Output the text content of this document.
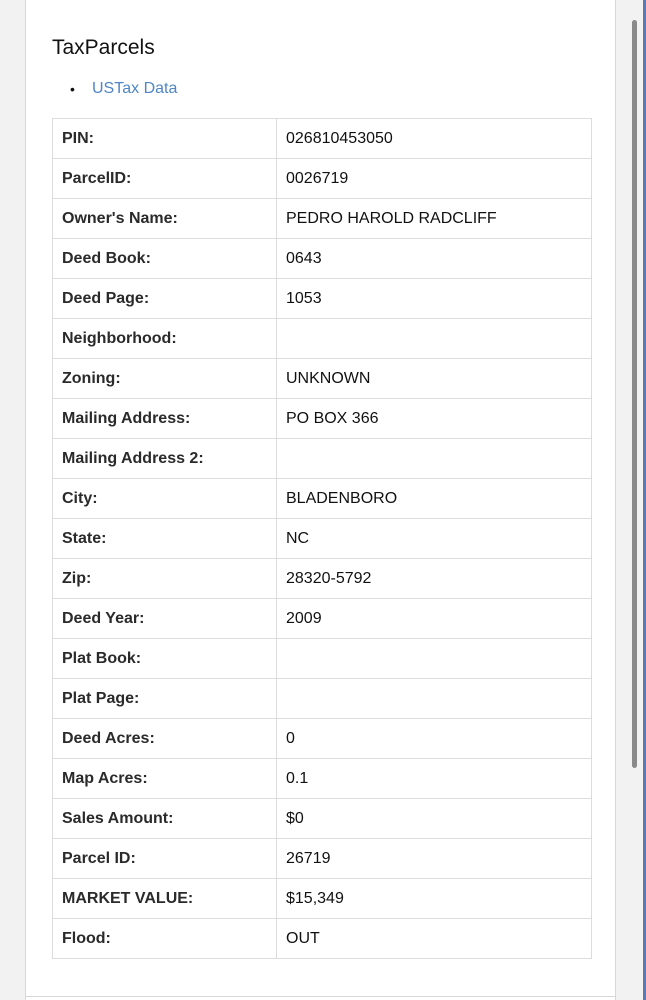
TaxParcels
• USTax Data
PIN:	026810453050
ParcelID:	0026719
Owner's Name:	PEDRO HAROLD RADCLIFF
Deed Book:	0643
Deed Page:	1053
Neighborhood:	
Zoning:	UNKNOWN
Mailing Address:	PO BOX 366
Mailing Address 2:	
City:	BLADENBORO
State:	NC
Zip:	28320-5792
Deed Year:	2009
Plat Book:	
Plat Page:	
Deed Acres:	0
Map Acres:	0.1
Sales Amount:	$0
Parcel ID:	26719
MARKET VALUE:	$15,349
Flood:	OUT
